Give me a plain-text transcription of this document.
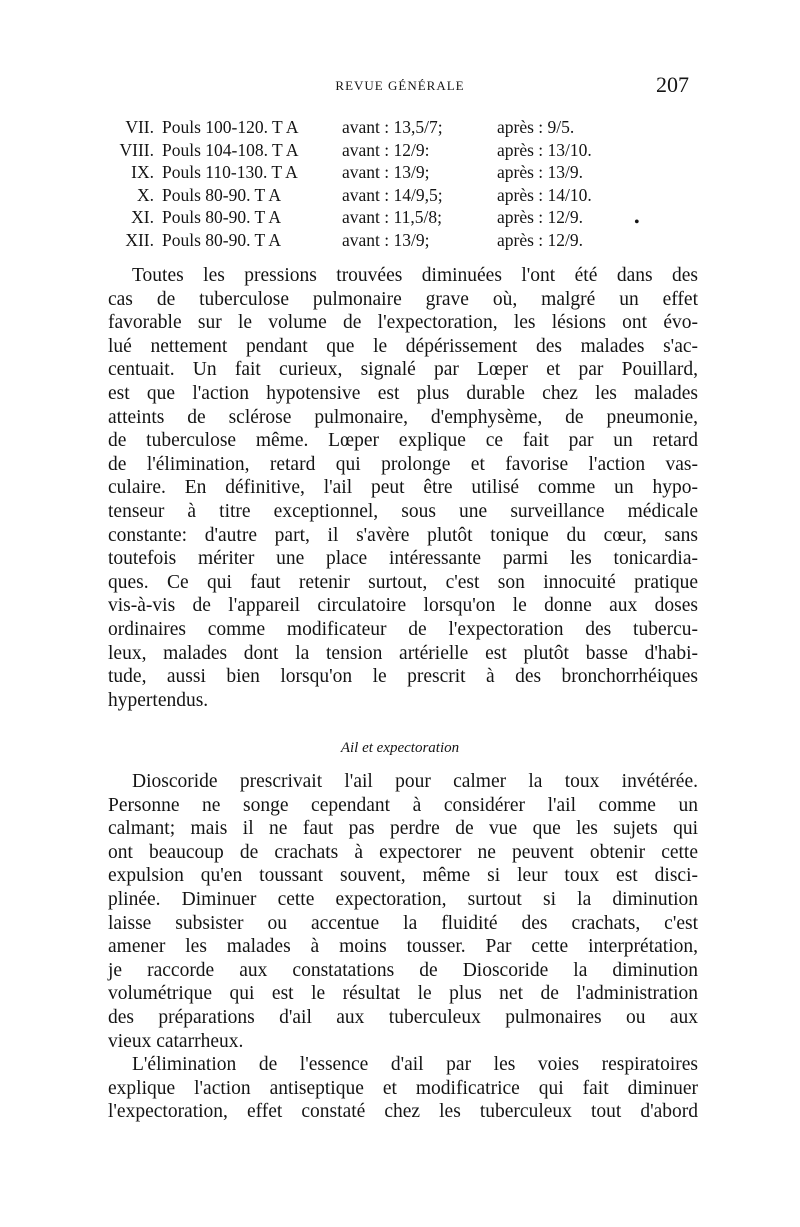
REVUE GÉNÉRALE	207
VII. Pouls 100-120. T A avant : 13,5/7;	après : 9/5.
VIII. Pouls 104-108. T A avant : 12/9:	après : 13/10.
IX. Pouls 110-130. T A	avant : 13/9;	après : 13/9.
X. Pouls 80-90. T A	avant : 14/9,5;	après : 14/10.
XI. Pouls 80-90. T A	avant : 11,5/8;	après : 12/9.
XII. Pouls 80-90. T A	avant : 13/9;	après : 12/9.
•
Toutes les pressions trouvées diminuées l'ont été dans des
cas de tuberculose pulmonaire grave où, malgré un effet
favorable sur le volume de l'expectoration, les lésions ont évo-
lué nettement pendant que le dépérissement des malades s'ac-
centuait. Un fait curieux, signalé par Lœper et par Pouillard,
est que l'action hypotensive est plus durable chez les malades
atteints de sclérose pulmonaire, d'emphysème, de pneumonie,
de tuberculose même. Lœper explique ce fait par un retard
de l'élimination, retard qui prolonge et favorise l'action vas-
culaire. En définitive, l'ail peut être utilisé comme un hypo-
tenseur à titre exceptionnel, sous une surveillance médicale
constante: d'autre part, il s'avère plutôt tonique du cœur, sans
toutefois mériter une place intéressante parmi les tonicardia-
ques. Ce qui faut retenir surtout, c'est son innocuité pratique
vis-à-vis de l'appareil circulatoire lorsqu'on le donne aux doses
ordinaires comme modificateur de l'expectoration des tubercu-
leux, malades dont la tension artérielle est plutôt basse d'habi-
tude, aussi bien lorsqu'on le prescrit à des bronchorrhéiques
hypertendus.
Ail et expectoration
Dioscoride prescrivait l'ail pour calmer la toux invétérée.
Personne ne songe cependant à considérer l'ail comme un
calmant; mais il ne faut pas perdre de vue que les sujets qui
ont beaucoup de crachats à expectorer ne peuvent obtenir cette
expulsion qu'en toussant souvent, même si leur toux est disci-
plinée. Diminuer cette expectoration, surtout si la diminution
laisse subsister ou accentue la fluidité des crachats, c'est
amener les malades à moins tousser. Par cette interprétation,
je raccorde aux constatations de Dioscoride la diminution
volumétrique qui est le résultat le plus net de l'administration
des préparations d'ail aux tuberculeux pulmonaires ou aux
vieux catarrheux.
L'élimination de l'essence d'ail par les voies respiratoires
explique l'action antiseptique et modificatrice qui fait diminuer
l'expectoration, effet constaté chez les tuberculeux tout d'abord
